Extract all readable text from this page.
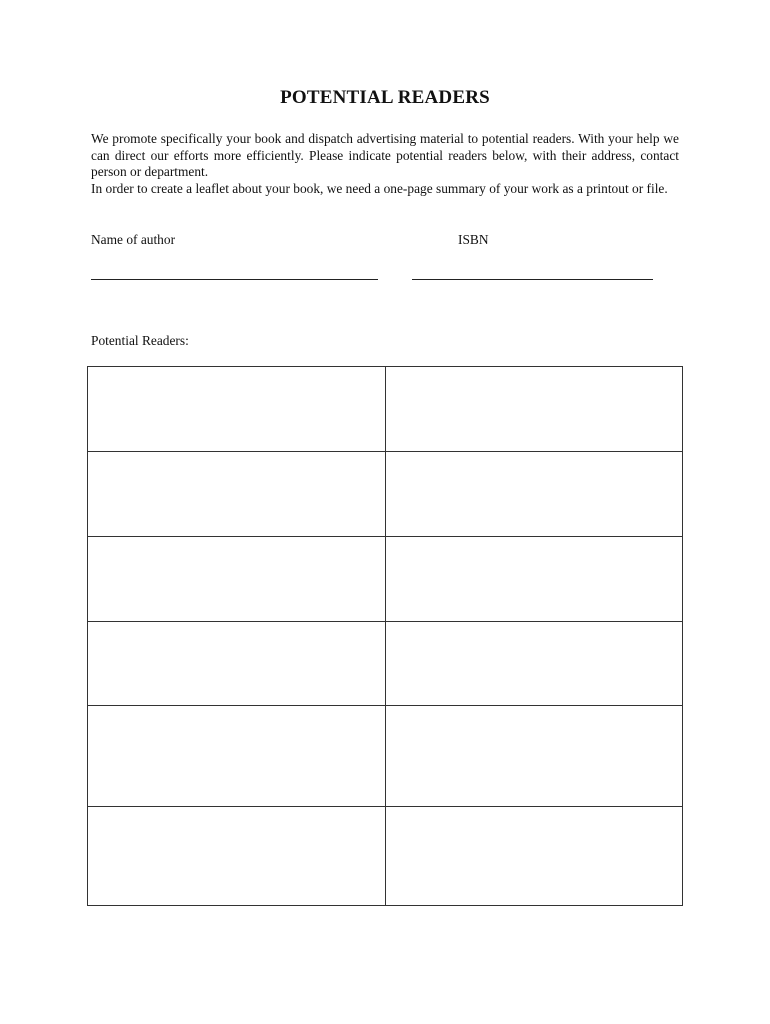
POTENTIAL READERS

We promote specifically your book and dispatch advertising material to potential readers. With your help we can direct our efforts more efficiently. Please indicate potential readers below, with their address, contact person or department.

In order to create a leaflet about your book, we need a one-page summary of your work as a printout or file.

Name of author	ISBN
Potential Readers:
